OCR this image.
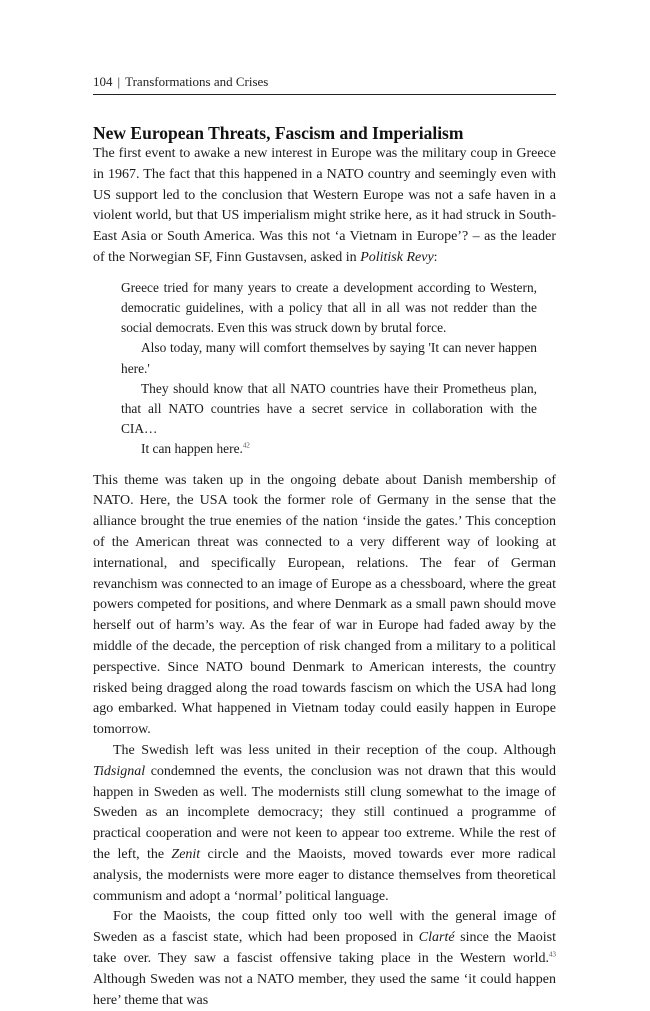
104 | Transformations and Crises
New European Threats, Fascism and Imperialism

The first event to awake a new interest in Europe was the military coup in Greece in 1967. The fact that this happened in a NATO country and seemingly even with US support led to the conclusion that Western Europe was not a safe haven in a violent world, but that US imperialism might strike here, as it had struck in South-East Asia or South America. Was this not ‘a Vietnam in Europe’? – as the leader of the Norwegian SF, Finn Gustavsen, asked in Politisk Revy:

Greece tried for many years to create a development according to Western, democratic guidelines, with a policy that all in all was not redder than the social democrats. Even this was struck down by brutal force.

Also today, many will comfort themselves by saying 'It can never happen here.'

They should know that all NATO countries have their Prometheus plan, that all NATO countries have a secret service in collaboration with the CIA…

It can happen here.$^{42}$

This theme was taken up in the ongoing debate about Danish membership of NATO. Here, the USA took the former role of Germany in the sense that the alliance brought the true enemies of the nation ‘inside the gates.’ This conception of the American threat was connected to a very different way of looking at international, and specifically European, relations. The fear of German revanchism was connected to an image of Europe as a chessboard, where the great powers competed for positions, and where Denmark as a small pawn should move herself out of harm’s way. As the fear of war in Europe had faded away by the middle of the decade, the perception of risk changed from a military to a political perspective. Since NATO bound Denmark to American interests, the country risked being dragged along the road towards fascism on which the USA had long ago embarked. What happened in Vietnam today could easily happen in Europe tomorrow.

The Swedish left was less united in their reception of the coup. Although Tidsignal condemned the events, the conclusion was not drawn that this would happen in Sweden as well. The modernists still clung somewhat to the image of Sweden as an incomplete democracy; they still continued a programme of practical cooperation and were not keen to appear too extreme. While the rest of the left, the Zenit circle and the Maoists, moved towards ever more radical analysis, the modernists were more eager to distance themselves from theoretical communism and adopt a ‘normal’ political language.

For the Maoists, the coup fitted only too well with the general image of Sweden as a fascist state, which had been proposed in Clarté since the Maoist take over. They saw a fascist offensive taking place in the Western world.$^{43}$ Although Sweden was not a NATO member, they used the same ‘it could happen here’ theme that was
